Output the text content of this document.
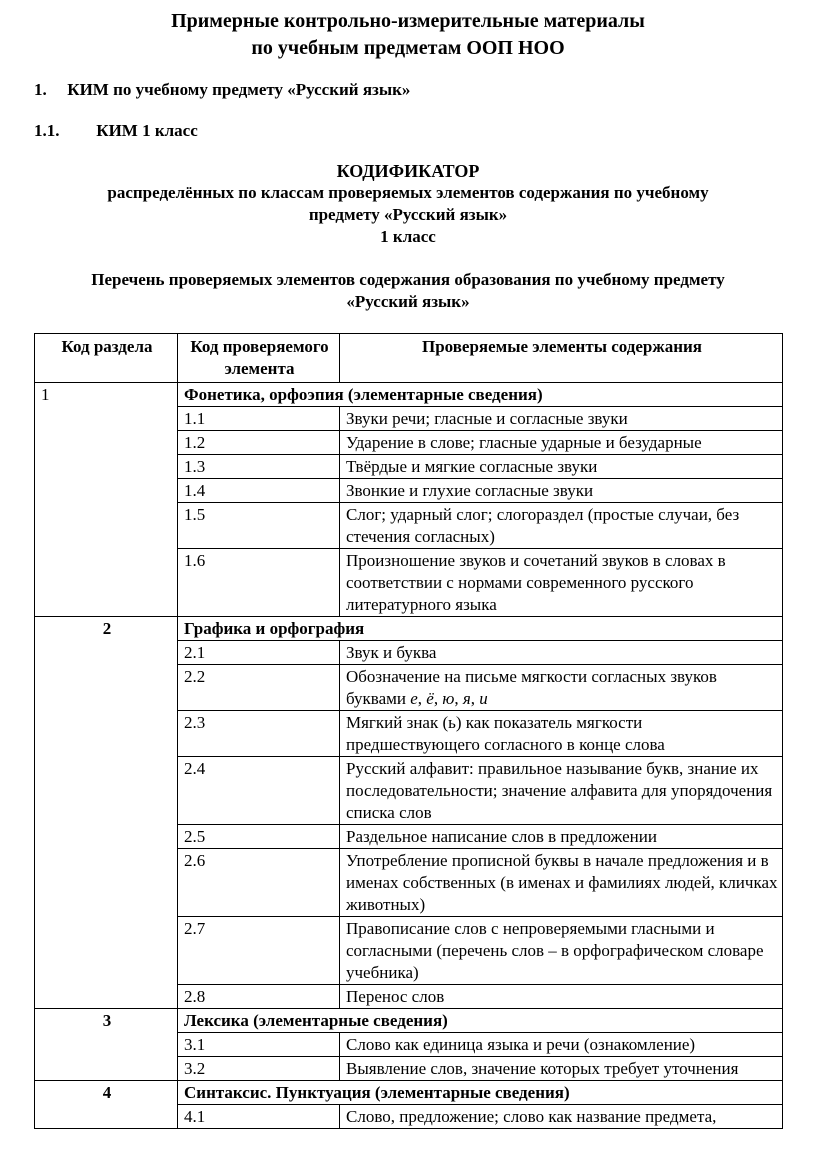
Примерные контрольно-измерительные материалы
по учебным предметам ООП НОО
1. КИМ по учебному предмету «Русский язык»
1.1. КИМ 1 класс
КОДИФИКАТОР
распределённых по классам проверяемых элементов содержания по учебному
предмету «Русский язык»
1 класс
Перечень проверяемых элементов содержания образования по учебному предмету
«Русский язык»
Код раздела	Код проверяемого элемента	Проверяемые элементы содержания
1	Фонетика, орфоэпия (элементарные сведения)	
	1.1	Звуки речи; гласные и согласные звуки
	1.2	Ударение в слове; гласные ударные и безударные
	1.3	Твёрдые и мягкие согласные звуки
	1.4	Звонкие и глухие согласные звуки
	1.5	Слог; ударный слог; слогораздел (простые случаи, без стечения согласных)
	1.6	Произношение звуков и сочетаний звуков в словах в соответствии с нормами современного русского литературного языка
2	Графика и орфография	
	2.1	Звук и буква
	2.2	Обозначение на письме мягкости согласных звуков буквами е, ё, ю, я, и
	2.3	Мягкий знак (ь) как показатель мягкости предшествующего согласного в конце слова
	2.4	Русский алфавит: правильное называние букв, знание их последовательности; значение алфавита для упорядочения списка слов
	2.5	Раздельное написание слов в предложении
	2.6	Употребление прописной буквы в начале предложения и в именах собственных (в именах и фамилиях людей, кличках животных)
	2.7	Правописание слов с непроверяемыми гласными и согласными (перечень слов – в орфографическом словаре учебника)
	2.8	Перенос слов
3	Лексика (элементарные сведения)	
	3.1	Слово как единица языка и речи (ознакомление)
	3.2	Выявление слов, значение которых требует уточнения
4	Синтаксис. Пунктуация (элементарные сведения)	
	4.1	Слово, предложение; слово как название предмета,
